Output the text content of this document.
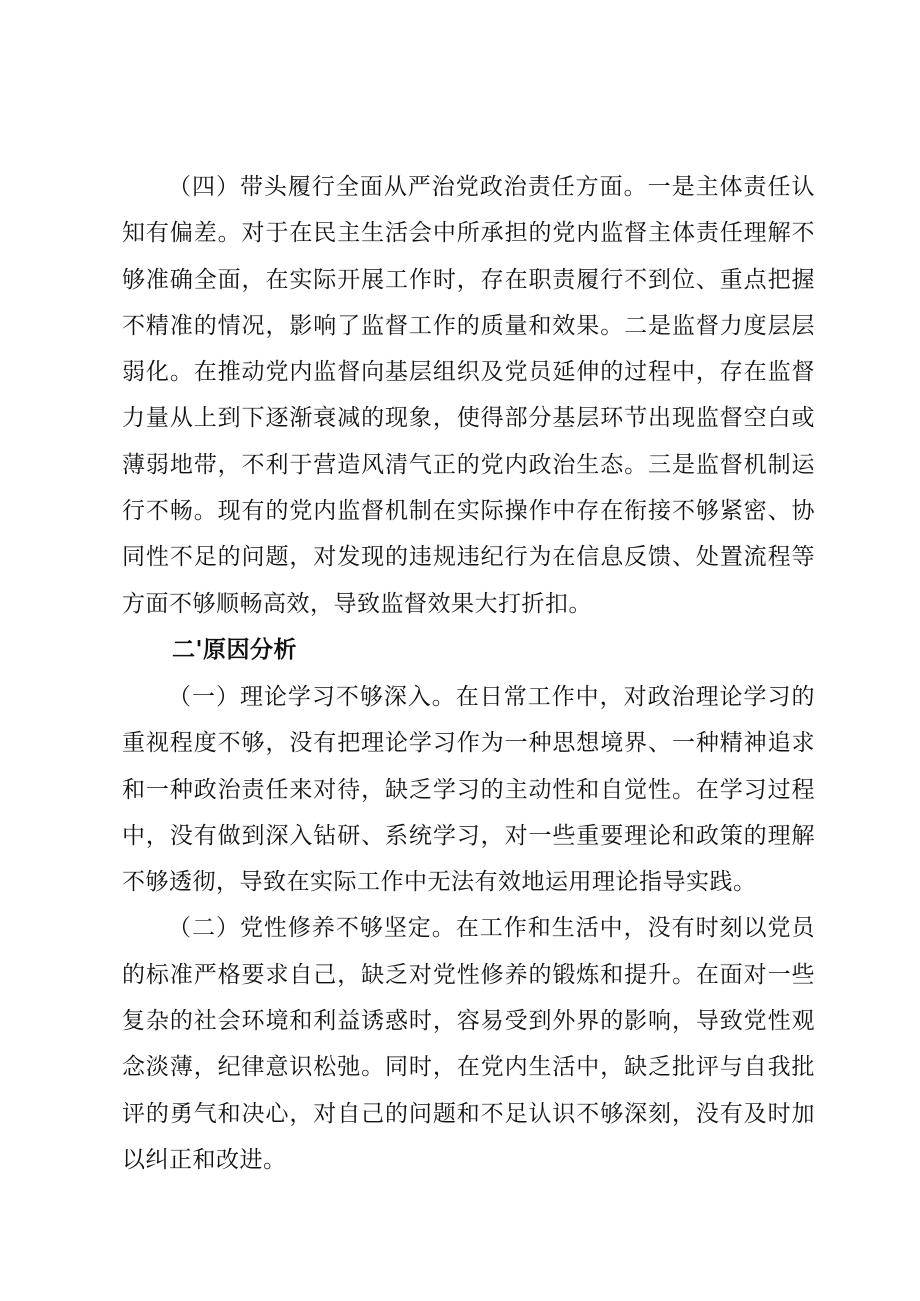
（四）带头履行全面从严治党政治责任方面。一是主体责任认知有偏差。对于在民主生活会中所承担的党内监督主体责任理解不够准确全面，在实际开展工作时，存在职责履行不到位、重点把握不精准的情况，影响了监督工作的质量和效果。二是监督力度层层弱化。在推动党内监督向基层组织及党员延伸的过程中，存在监督力量从上到下逐渐衰减的现象，使得部分基层环节出现监督空白或薄弱地带，不利于营造风清气正的党内政治生态。三是监督机制运行不畅。现有的党内监督机制在实际操作中存在衔接不够紧密、协同性不足的问题，对发现的违规违纪行为在信息反馈、处置流程等方面不够顺畅高效，导致监督效果大打折扣。

二'原因分析

（一）理论学习不够深入。在日常工作中，对政治理论学习的重视程度不够，没有把理论学习作为一种思想境界、一种精神追求和一种政治责任来对待，缺乏学习的主动性和自觉性。在学习过程中，没有做到深入钻研、系统学习，对一些重要理论和政策的理解不够透彻，导致在实际工作中无法有效地运用理论指导实践。

（二）党性修养不够坚定。在工作和生活中，没有时刻以党员的标准严格要求自己，缺乏对党性修养的锻炼和提升。在面对一些复杂的社会环境和利益诱惑时，容易受到外界的影响，导致党性观念淡薄，纪律意识松弛。同时，在党内生活中，缺乏批评与自我批评的勇气和决心，对自己的问题和不足认识不够深刻，没有及时加以纠正和改进。
